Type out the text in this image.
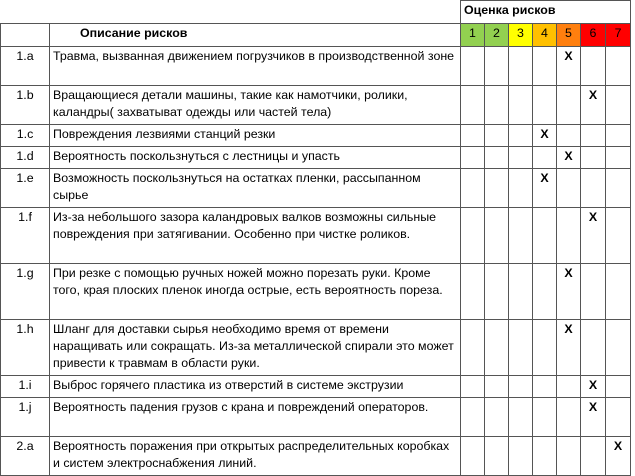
		Оценка рисков						
	Описание рисков	1	2	3	4	5	6	7
1.a	Травма, вызванная движением погрузчиков в производственной зоне					X		
1.b	Вращающиеся детали машины, такие как намотчики, ролики, каландры( захватыват одежды или частей тела)						X	
1.c	Повреждения лезвиями станций резки				X			
1.d	Вероятность поскользнуться с лестницы и упасть					X		
1.e	Возможность поскользнуться на остатках пленки, рассыпанном сырье				X			
1.f	Из-за небольшого зазора каландровых валков возможны сильные повреждения при затягивании. Особенно при чистке роликов.						X	
1.g	При резке с помощью ручных ножей можно порезать руки. Кроме того, края плоских пленок иногда острые, есть вероятность пореза.					X		
1.h	Шланг для доставки сырья необходимо время от времени наращивать или сокращать. Из-за металлической спирали это может привести к травмам в области руки.					X		
1.i	Выброс горячего пластика из отверстий в системе экструзии						X	
1.j	Вероятность падения грузов с крана и повреждений операторов.						X	
2.a	Вероятность поражения при открытых распределительных коробках и систем электроснабжения линий.							X
